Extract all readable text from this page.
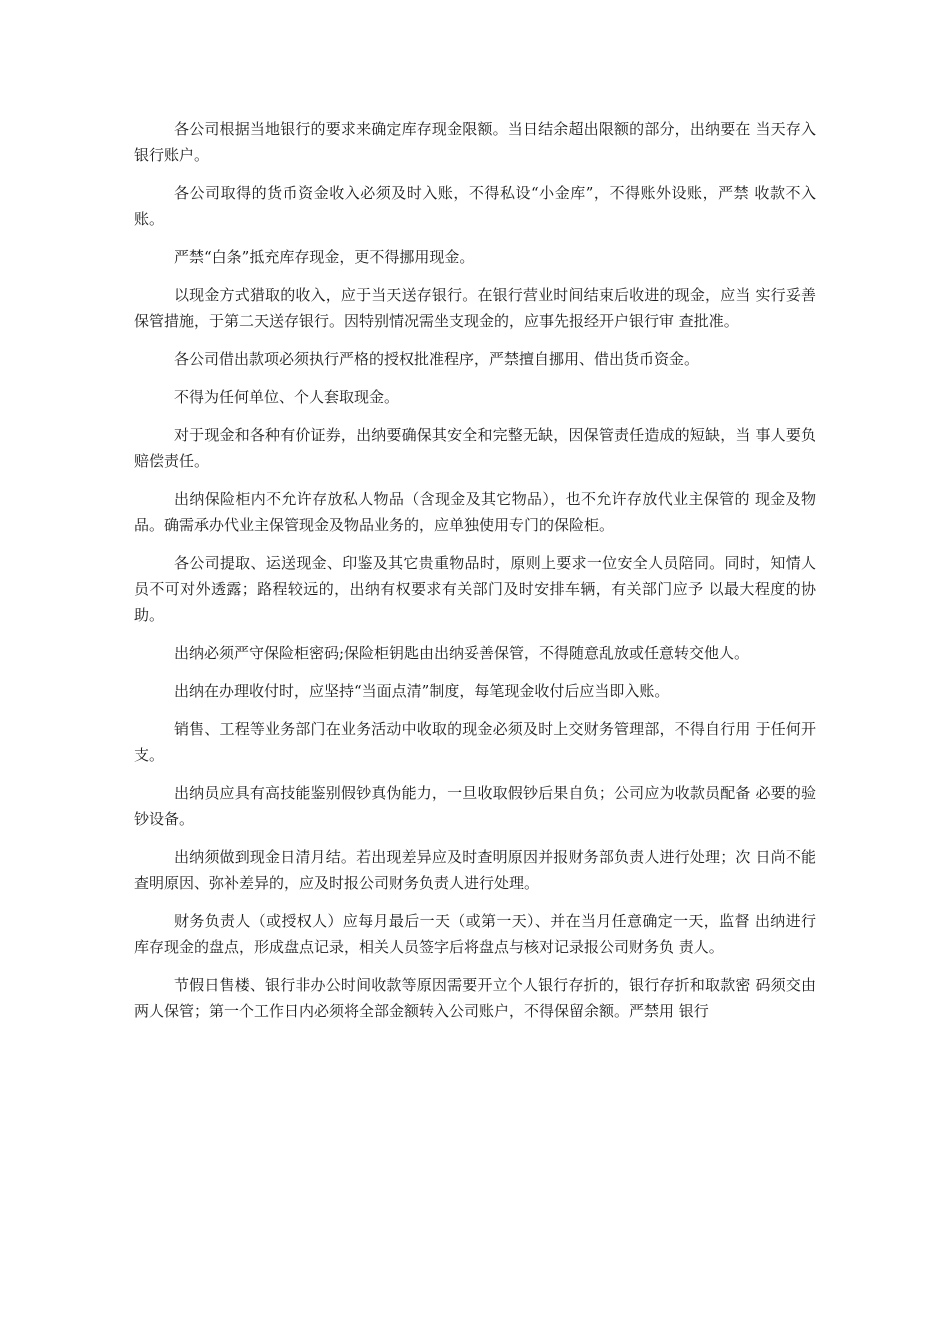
各公司根据当地银行的要求来确定库存现金限额。当日结余超出限额的部分，出纳要在 当天存入银行账户。

各公司取得的货币资金收入必须及时入账，不得私设“小金库”，不得账外设账，严禁 收款不入账。

严禁“白条”抵充库存现金，更不得挪用现金。

以现金方式猎取的收入，应于当天送存银行。在银行营业时间结束后收进的现金，应当 实行妥善保管措施，于第二天送存银行。因特别情况需坐支现金的，应事先报经开户银行审 查批准。

各公司借出款项必须执行严格的授权批准程序，严禁擅自挪用、借出货币资金。

不得为任何单位、个人套取现金。

对于现金和各种有价证券，出纳要确保其安全和完整无缺，因保管责任造成的短缺，当 事人要负赔偿责任。

出纳保险柜内不允许存放私人物品（含现金及其它物品），也不允许存放代业主保管的 现金及物品。确需承办代业主保管现金及物品业务的，应单独使用专门的保险柜。

各公司提取、运送现金、印鉴及其它贵重物品时，原则上要求一位安全人员陪同。同时，知情人员不可对外透露；路程较远的，出纳有权要求有关部门及时安排车辆，有关部门应予 以最大程度的协助。

出纳必须严守保险柜密码;保险柜钥匙由出纳妥善保管，不得随意乱放或任意转交他人。

出纳在办理收付时，应坚持“当面点清”制度，每笔现金收付后应当即入账。

销售、工程等业务部门在业务活动中收取的现金必须及时上交财务管理部，不得自行用 于任何开支。

出纳员应具有高技能鉴别假钞真伪能力，一旦收取假钞后果自负；公司应为收款员配备 必要的验钞设备。

出纳须做到现金日清月结。若出现差异应及时查明原因并报财务部负责人进行处理；次 日尚不能查明原因、弥补差异的，应及时报公司财务负责人进行处理。

财务负责人（或授权人）应每月最后一天（或第一天）、并在当月任意确定一天，监督 出纳进行库存现金的盘点，形成盘点记录，相关人员签字后将盘点与核对记录报公司财务负 责人。

节假日售楼、银行非办公时间收款等原因需要开立个人银行存折的，银行存折和取款密 码须交由两人保管；第一个工作日内必须将全部金额转入公司账户，不得保留余额。严禁用 银行
